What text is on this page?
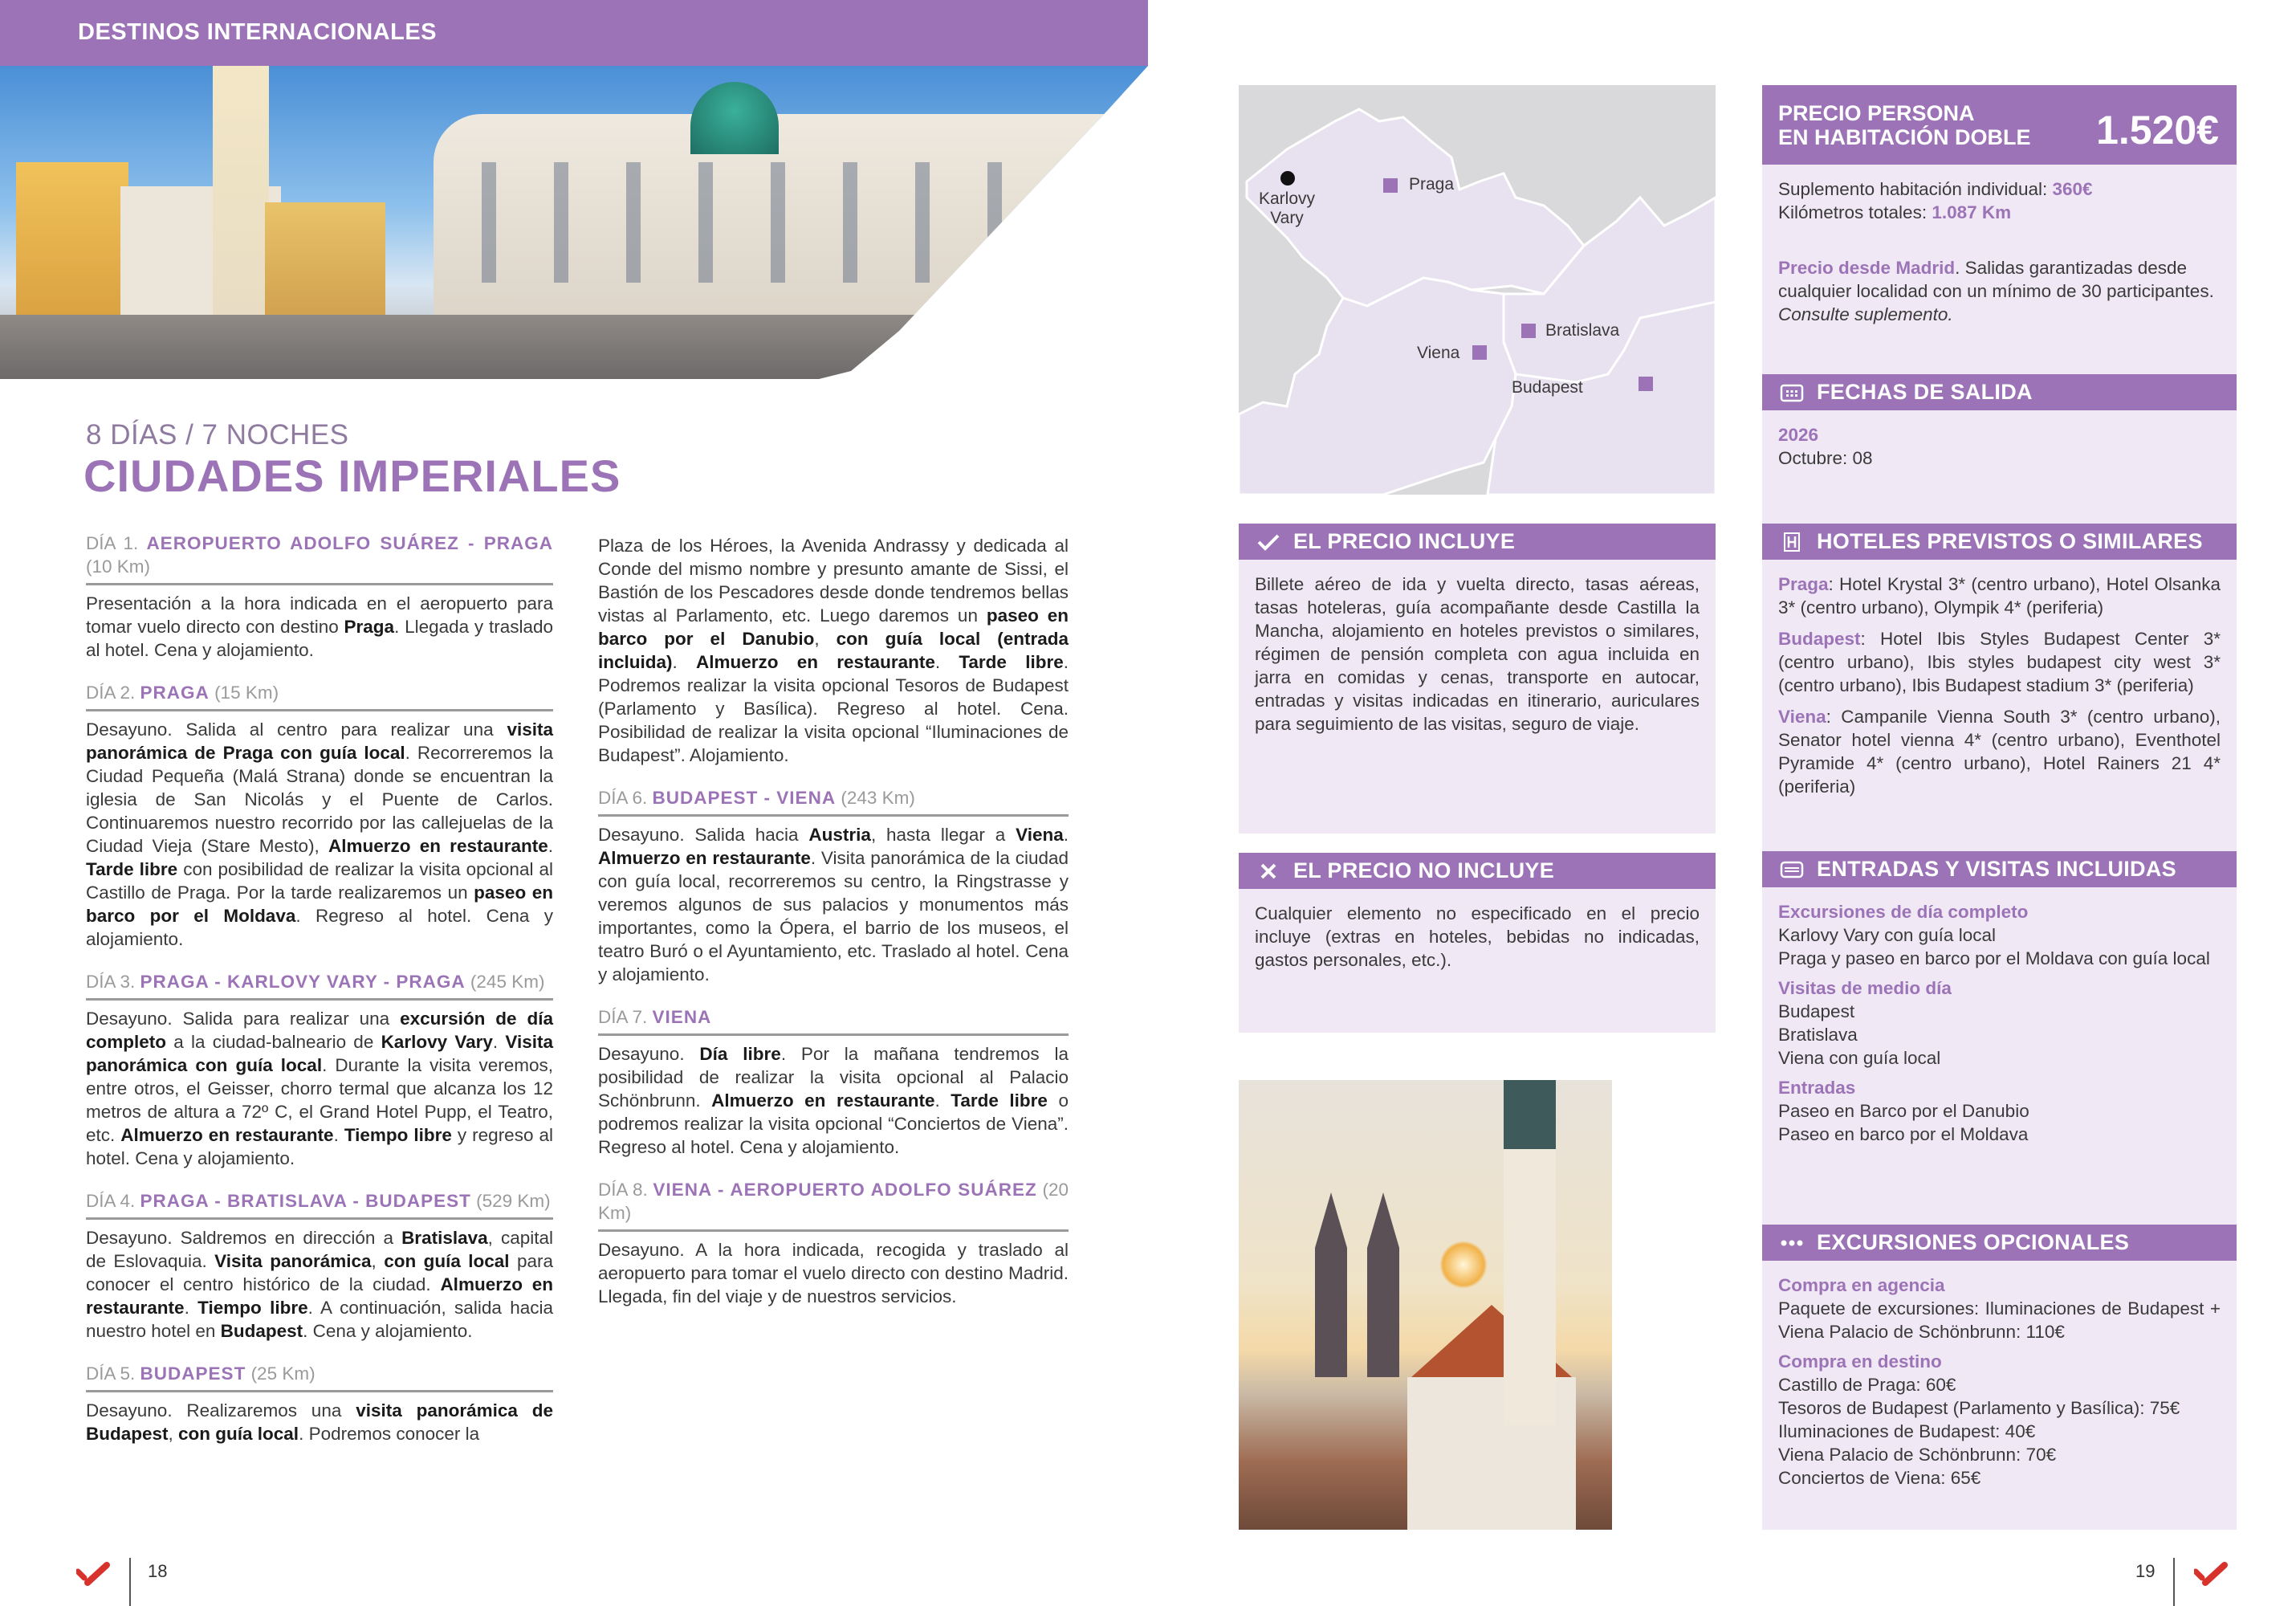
DESTINOS INTERNACIONALES
8 DÍAS / 7 NOCHES
CIUDADES IMPERIALES
DÍA 1. AEROPUERTO ADOLFO SUÁREZ - PRAGA (10 Km)
Presentación a la hora indicada en el aeropuerto para tomar vuelo directo con destino Praga. Llegada y traslado al hotel. Cena y alojamiento.
DÍA 2. PRAGA (15 Km)
Desayuno. Salida al centro para realizar una visita panorámica de Praga con guía local. Recorreremos la Ciudad Pequeña (Malá Strana) donde se encuentran la iglesia de San Nicolás y el Puente de Carlos. Continuaremos nuestro recorrido por las callejuelas de la Ciudad Vieja (Stare Mesto), Almuerzo en restaurante. Tarde libre con posibilidad de realizar la visita opcional al Castillo de Praga. Por la tarde realizaremos un paseo en barco por el Moldava. Regreso al hotel. Cena y alojamiento.
DÍA 3. PRAGA - KARLOVY VARY - PRAGA (245 Km)
Desayuno. Salida para realizar una excursión de día completo a la ciudad-balneario de Karlovy Vary. Visita panorámica con guía local. Durante la visita veremos, entre otros, el Geisser, chorro termal que alcanza los 12 metros de altura a 72º C, el Grand Hotel Pupp, el Teatro, etc. Almuerzo en restaurante. Tiempo libre y regreso al hotel. Cena y alojamiento.
DÍA 4. PRAGA - BRATISLAVA - BUDAPEST (529 Km)
Desayuno. Saldremos en dirección a Bratislava, capital de Eslovaquia. Visita panorámica, con guía local para conocer el centro histórico de la ciudad. Almuerzo en restaurante. Tiempo libre. A continuación, salida hacia nuestro hotel en Budapest. Cena y alojamiento.
DÍA 5. BUDAPEST (25 Km)
Desayuno. Realizaremos una visita panorámica de Budapest, con guía local. Podremos conocer la
Plaza de los Héroes, la Avenida Andrassy y dedicada al Conde del mismo nombre y presunto amante de Sissi, el Bastión de los Pescadores desde donde tendremos bellas vistas al Parlamento, etc. Luego daremos un paseo en barco por el Danubio, con guía local (entrada incluida). Almuerzo en restaurante. Tarde libre. Podremos realizar la visita opcional Tesoros de Budapest (Parlamento y Basílica). Regreso al hotel. Cena. Posibilidad de realizar la visita opcional “Iluminaciones de Budapest”. Alojamiento.
DÍA 6. BUDAPEST - VIENA (243 Km)
Desayuno. Salida hacia Austria, hasta llegar a Viena. Almuerzo en restaurante. Visita panorámica de la ciudad con guía local, recorreremos su centro, la Ringstrasse y veremos algunos de sus palacios y monumentos más importantes, como la Ópera, el barrio de los museos, el teatro Buró o el Ayuntamiento, etc. Traslado al hotel. Cena y alojamiento.
DÍA 7. VIENA
Desayuno. Día libre. Por la mañana tendremos la posibilidad de realizar la visita opcional al Palacio Schönbrunn. Almuerzo en restaurante. Tarde libre o podremos realizar la visita opcional “Conciertos de Viena”. Regreso al hotel. Cena y alojamiento.
DÍA 8. VIENA - AEROPUERTO ADOLFO SUÁREZ (20 Km)
Desayuno. A la hora indicada, recogida y traslado al aeropuerto para tomar el vuelo directo con destino Madrid. Llegada, fin del viaje y de nuestros servicios.
Karlovy
Vary
Praga
Bratislava
Viena
Budapest
EL PRECIO INCLUYE
Billete aéreo de ida y vuelta directo, tasas aéreas, tasas hoteleras, guía acompañante desde Castilla la Mancha, alojamiento en hoteles previstos o similares, régimen de pensión completa con agua incluida en jarra en comidas y cenas, transporte en autocar, entradas y visitas indicadas en itinerario, auriculares para seguimiento de las visitas, seguro de viaje.
EL PRECIO NO INCLUYE
Cualquier elemento no especificado en el precio incluye (extras en hoteles, bebidas no indicadas, gastos personales, etc.).
PRECIO PERSONA
EN HABITACIÓN DOBLE 1.520€

Suplemento habitación individual: 360€

Kilómetros totales: 1.087 Km

Precio desde Madrid. Salidas garantizadas desde cualquier localidad con un mínimo de 30 participantes. Consulte suplemento.

FECHAS DE SALIDA
2026
Octubre: 08
HOTELES PREVISTOS O SIMILARES
Praga: Hotel Krystal 3* (centro urbano), Hotel Olsanka 3* (centro urbano), Olympik 4* (periferia)
Budapest: Hotel Ibis Styles Budapest Center 3* (centro urbano), Ibis styles budapest city west 3* (centro urbano), Ibis Budapest stadium 3* (periferia)
Viena: Campanile Vienna South 3* (centro urbano), Senator hotel vienna 4* (centro urbano), Eventhotel Pyramide 4* (centro urbano), Hotel Rainers 21 4* (periferia)
ENTRADAS Y VISITAS INCLUIDAS
Excursiones de día completo
Karlovy Vary con guía local
Praga y paseo en barco por el Moldava con guía local
Visitas de medio día
Budapest
Bratislava
Viena con guía local
Entradas
Paseo en Barco por el Danubio
Paseo en barco por el Moldava
EXCURSIONES OPCIONALES
Compra en agencia
Paquete de excursiones: Iluminaciones de Budapest + Viena Palacio de Schönbrunn: 110€
Compra en destino
Castillo de Praga: 60€
Tesoros de Budapest (Parlamento y Basílica): 75€
Iluminaciones de Budapest: 40€
Viena Palacio de Schönbrunn: 70€
Conciertos de Viena: 65€
18	19
